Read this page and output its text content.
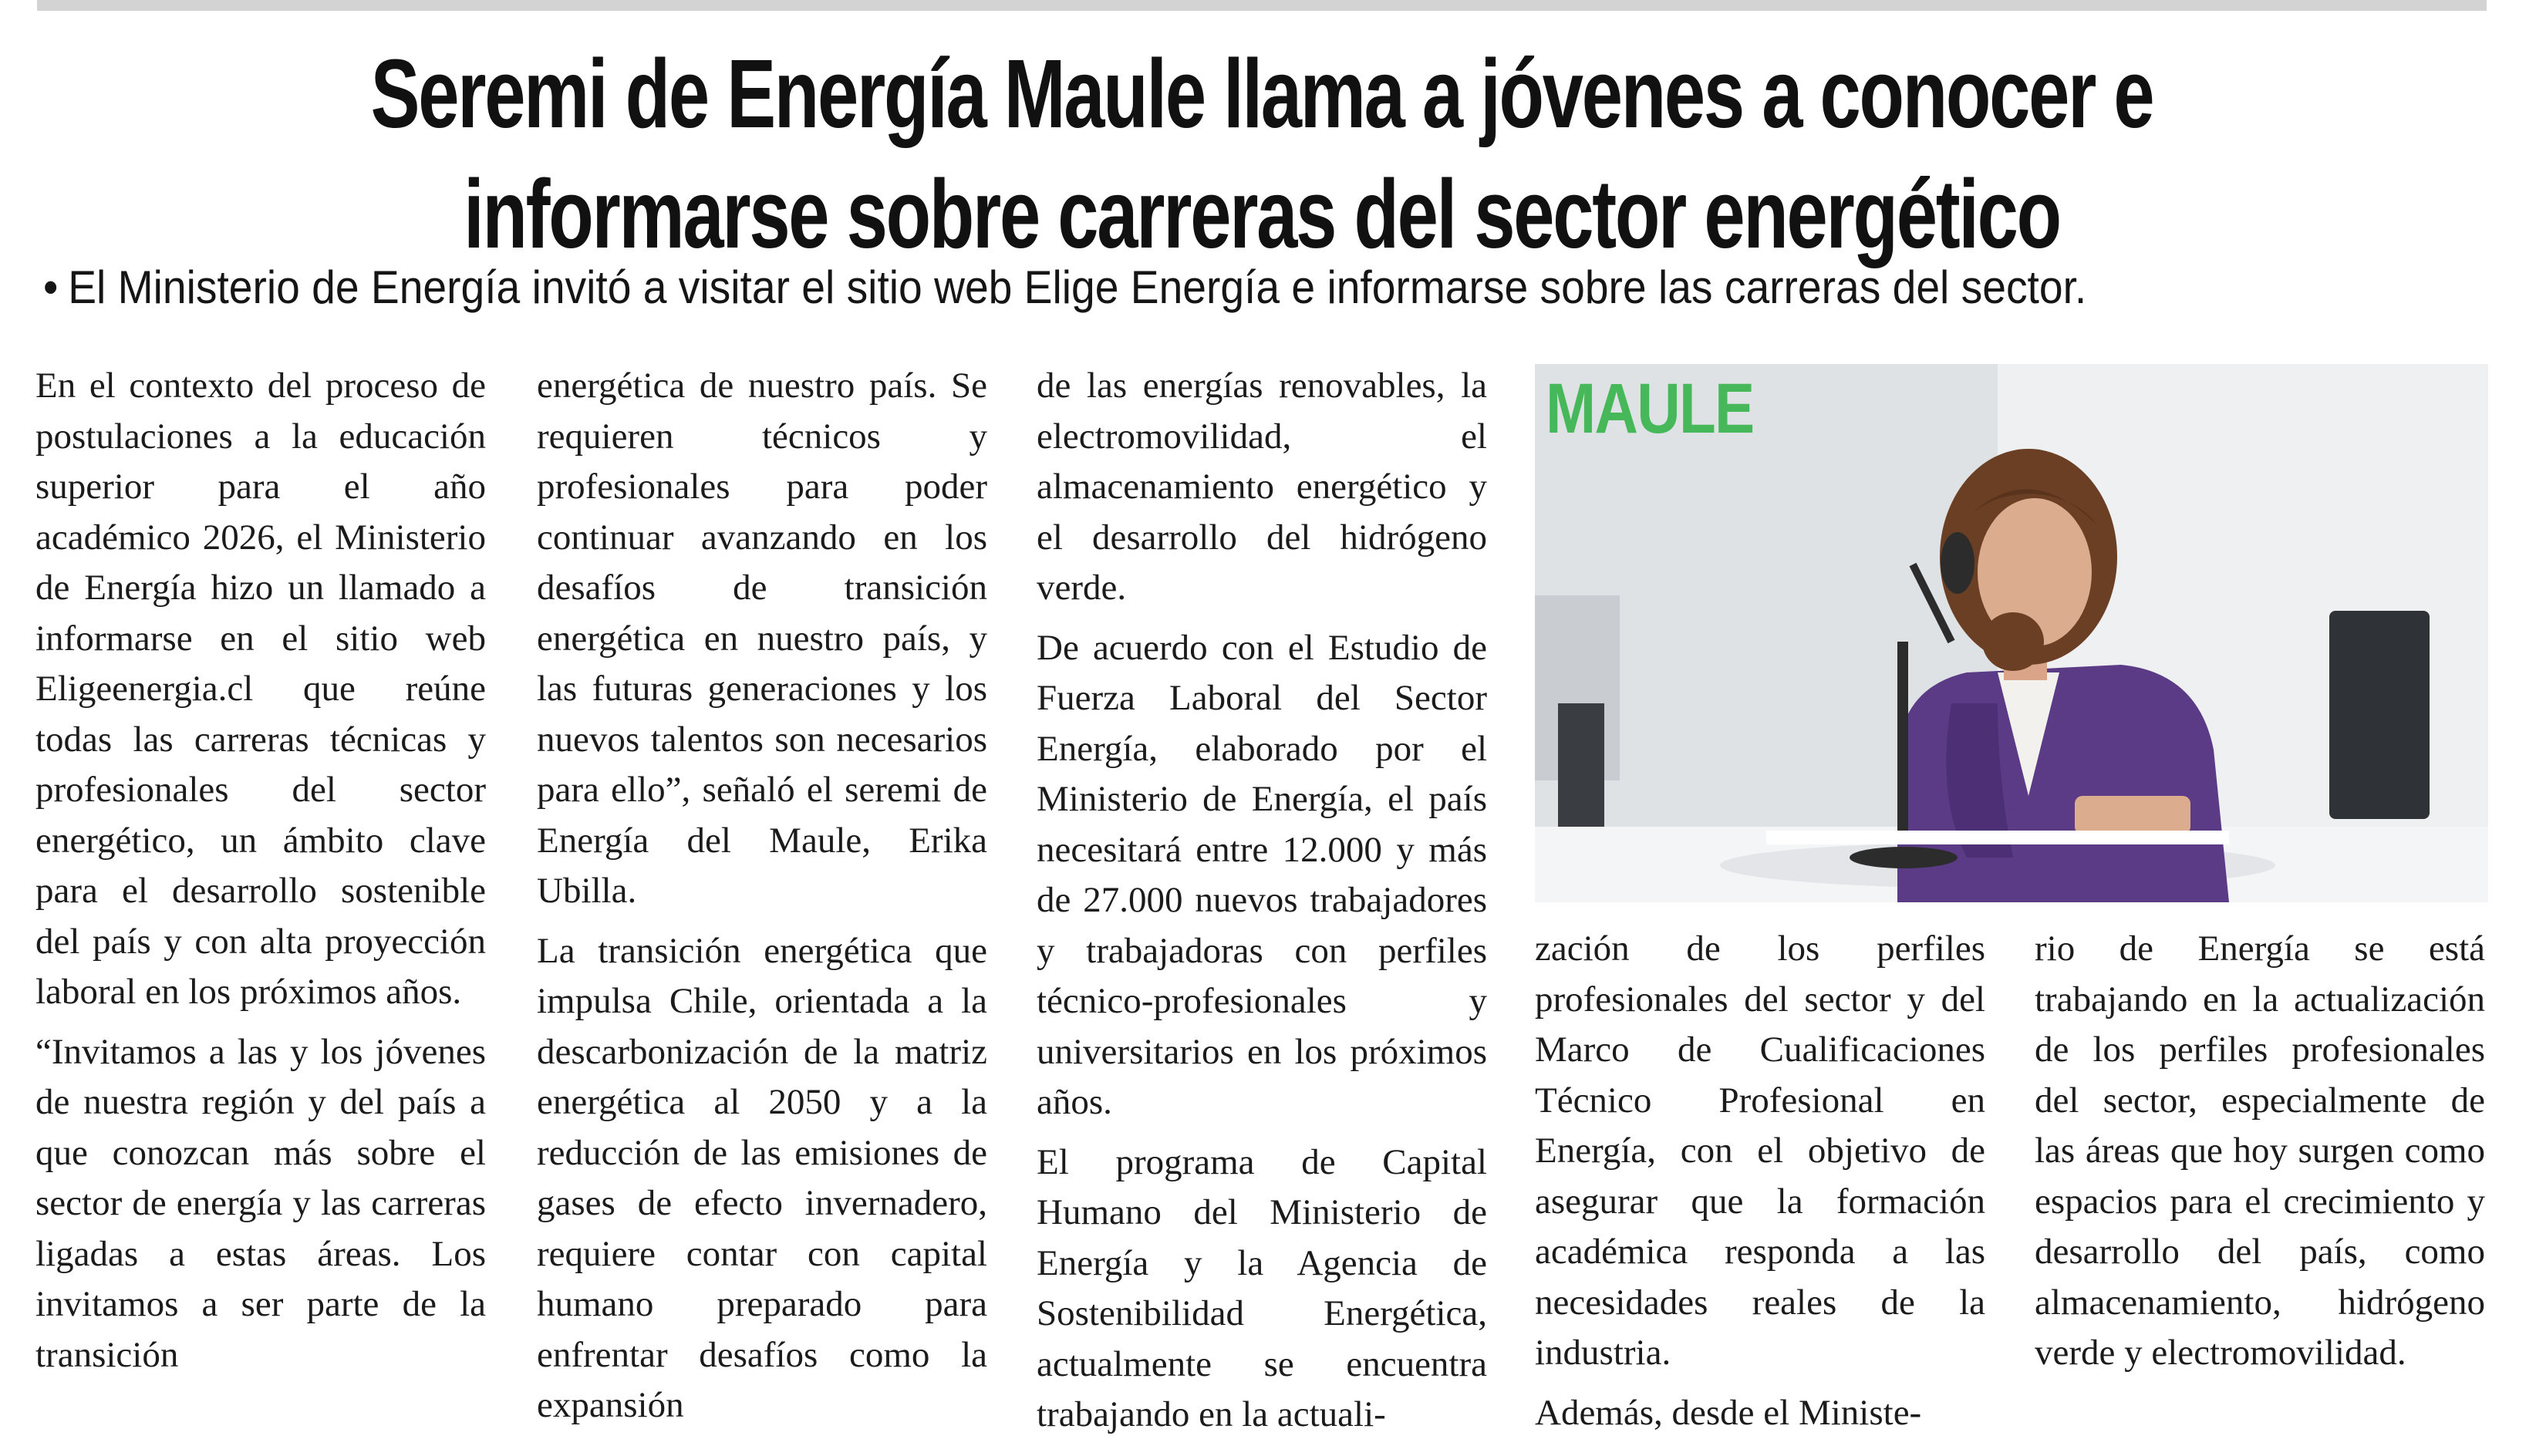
Seremi de Energía Maule llama a jóvenes a conocer e
informarse sobre carreras del sector energético
• El Ministerio de Energía invitó a visitar el sitio web Elige Energía e informarse sobre las carreras del sector.

En el contexto del proceso de postulaciones a la educación superior para el año académico 2026, el Ministerio de Energía hizo un llamado a informarse en el sitio web Eligeenergia.cl que reúne todas las carreras técnicas y profesionales del sector energético, un ámbito clave para el desarrollo sostenible del país y con alta proyección laboral en los próximos años.

“Invitamos a las y los jóvenes de nuestra región y del país a que conozcan más sobre el sector de energía y las carreras ligadas a estas áreas. Los invitamos a ser parte de la transición

energética de nuestro país. Se requieren técnicos y profesionales para poder continuar avanzando en los desafíos de transición energética en nuestro país, y las futuras generaciones y los nuevos talentos son necesarios para ello”, señaló el seremi de Energía del Maule, Erika Ubilla.

La transición energética que impulsa Chile, orientada a la descarbonización de la matriz energética al 2050 y a la reducción de las emisiones de gases de efecto invernadero, requiere contar con capital humano preparado para enfrentar desafíos como la expansión

de las energías renovables, la electromovilidad, el almacenamiento energético y el desarrollo del hidrógeno verde.

De acuerdo con el Estudio de Fuerza Laboral del Sector Energía, elaborado por el Ministerio de Energía, el país necesitará entre 12.000 y más de 27.000 nuevos trabajadores y trabajadoras con perfiles técnico-profesionales y universitarios en los próximos años.

El programa de Capital Humano del Ministerio de Energía y la Agencia de Sostenibilidad Energética, actualmente se encuentra trabajando en la actuali-

MAULE

zación de los perfiles profesionales del sector y del Marco de Cualificaciones Técnico Profesional en Energía, con el objetivo de asegurar que la formación académica responda a las necesidades reales de la industria.

Además, desde el Ministe-

rio de Energía se está trabajando en la actualización de los perfiles profesionales del sector, especialmente de las áreas que hoy surgen como espacios para el crecimiento y desarrollo del país, como almacenamiento, hidrógeno verde y electromovilidad.
